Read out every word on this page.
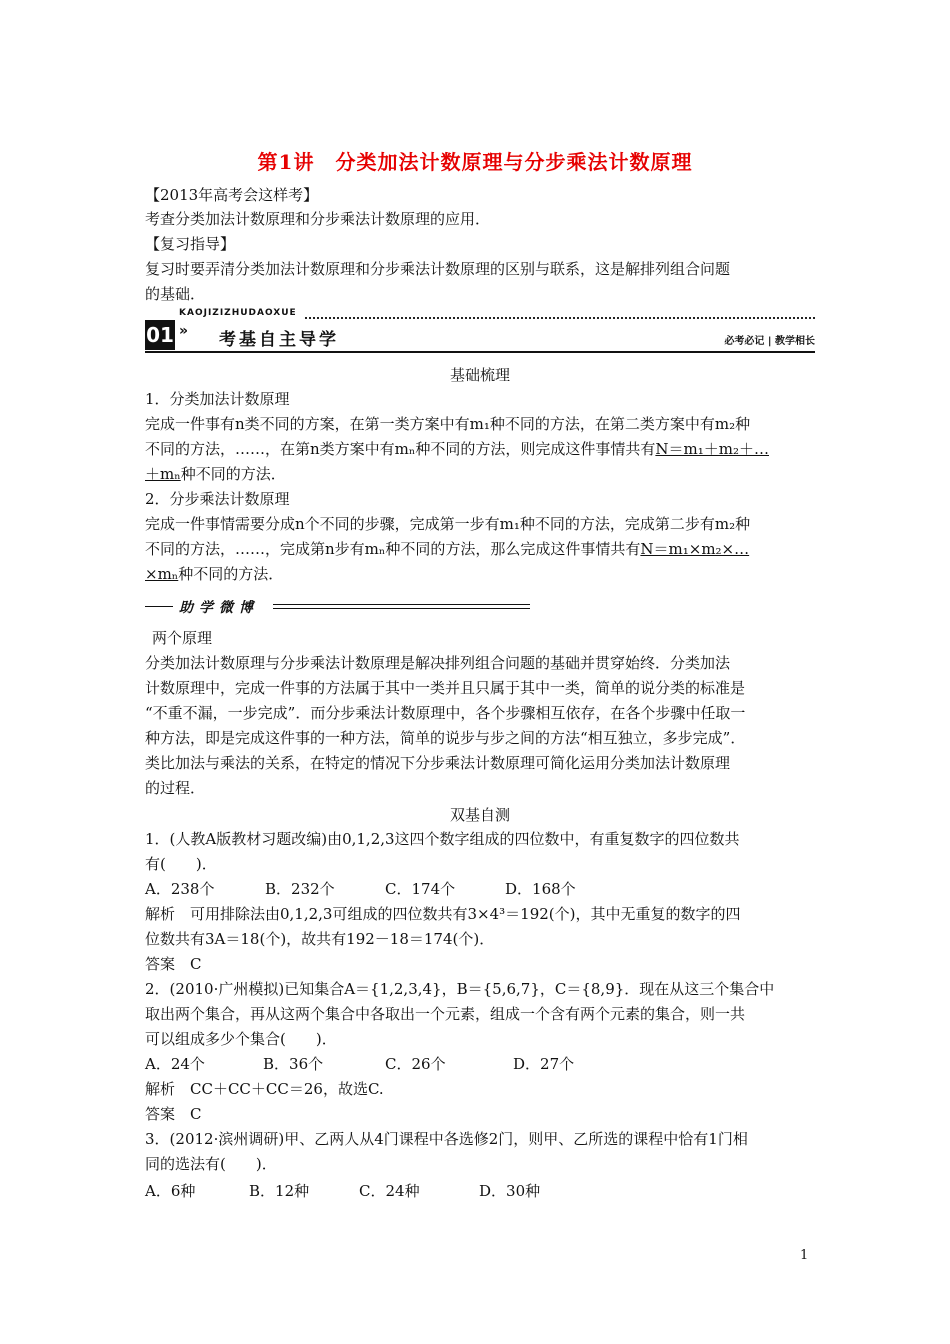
第1讲　分类加法计数原理与分步乘法计数原理
【2013年高考会这样考】
考查分类加法计数原理和分步乘法计数原理的应用．
【复习指导】
复习时要弄清分类加法计数原理和分步乘法计数原理的区别与联系，这是解排列组合问题
的基础．
KAOJIZIZHUDAOXUE
01 » 考基自主导学	必考必记 | 教学相长
基础梳理
1．分类加法计数原理
完成一件事有n类不同的方案，在第一类方案中有m₁种不同的方法，在第二类方案中有m₂种
不同的方法，……，在第n类方案中有mₙ种不同的方法，则完成这件事情共有N＝m₁＋m₂＋…
＋mₙ种不同的方法．
2．分步乘法计数原理
完成一件事情需要分成n个不同的步骤，完成第一步有m₁种不同的方法，完成第二步有m₂种
不同的方法，……，完成第n步有mₙ种不同的方法，那么完成这件事情共有N＝m₁×m₂×…
×mₙ种不同的方法．
助学微博
两个原理
分类加法计数原理与分步乘法计数原理是解决排列组合问题的基础并贯穿始终．分类加法
计数原理中，完成一件事的方法属于其中一类并且只属于其中一类，简单的说分类的标准是
“不重不漏，一步完成”．而分步乘法计数原理中，各个步骤相互依存，在各个步骤中任取一
种方法，即是完成这件事的一种方法，简单的说步与步之间的方法“相互独立，多步完成”．
类比加法与乘法的关系，在特定的情况下分步乘法计数原理可简化运用分类加法计数原理
的过程．
双基自测
1．(人教A版教材习题改编)由0,1,2,3这四个数字组成的四位数中，有重复数字的四位数共
有(　　)．
A．238个	B．232个	C．174个	D．168个
解析　可用排除法由0,1,2,3可组成的四位数共有3×4³＝192(个)，其中无重复的数字的四
位数共有3A＝18(个)，故共有192－18＝174(个)．
答案　C
2．(2010·广州模拟)已知集合A＝{1,2,3,4}，B＝{5,6,7}，C＝{8,9}．现在从这三个集合中
取出两个集合，再从这两个集合中各取出一个元素，组成一个含有两个元素的集合，则一共
可以组成多少个集合(　　)．
A．24个	B．36个	C．26个	D．27个
解析　CC＋CC＋CC＝26，故选C.
答案　C
3．(2012·滨州调研)甲、乙两人从4门课程中各选修2门，则甲、乙所选的课程中恰有1门相
同的选法有(　　)．
A．6种	B．12种	C．24种	D．30种
1
